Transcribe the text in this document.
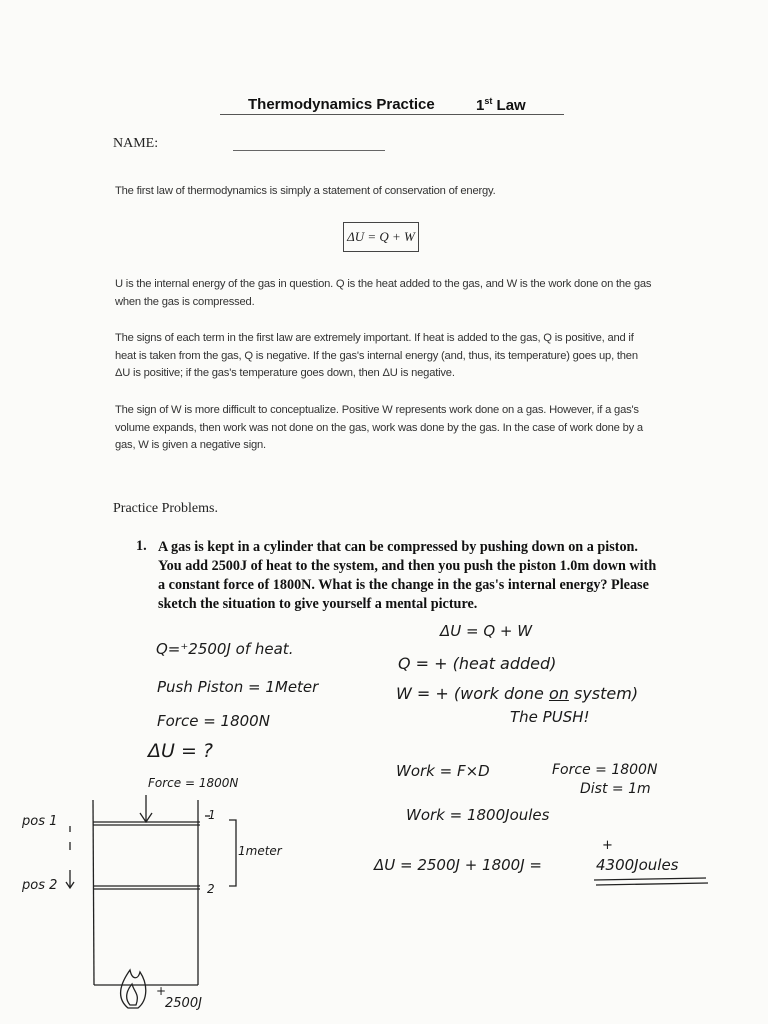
Thermodynamics Practice	1st Law
NAME:
The first law of thermodynamics is simply a statement of conservation of energy.
ΔU = Q + W
U is the internal energy of the gas in question. Q is the heat added to the gas, and W is the work done on the gas when the gas is compressed.
The signs of each term in the first law are extremely important. If heat is added to the gas, Q is positive, and if heat is taken from the gas, Q is negative. If the gas's internal energy (and, thus, its temperature) goes up, then ΔU is positive; if the gas's temperature goes down, then ΔU is negative.
The sign of W is more difficult to conceptualize. Positive W represents work done on a gas. However, if a gas's volume expands, then work was not done on the gas, work was done by the gas. In the case of work done by a gas, W is given a negative sign.
Practice Problems.
1. A gas is kept in a cylinder that can be compressed by pushing down on a piston. You add 2500J of heat to the system, and then you push the piston 1.0m down with a constant force of 1800N. What is the change in the gas's internal energy? Please sketch the situation to give yourself a mental picture.
Q=⁺2500J of heat.
Push Piston = 1Meter
Force = 1800N
ΔU = ?
ΔU = Q + W
Q = + (heat added)
W = + (work done on system)
The PUSH!
Work = F×D	Force = 1800N
Dist = 1m
Work = 1800Joules
+
ΔU = 2500J + 1800J =	4300Joules
Force = 1800N
pos 1
pos 2
1
2
1meter
+
2500J
